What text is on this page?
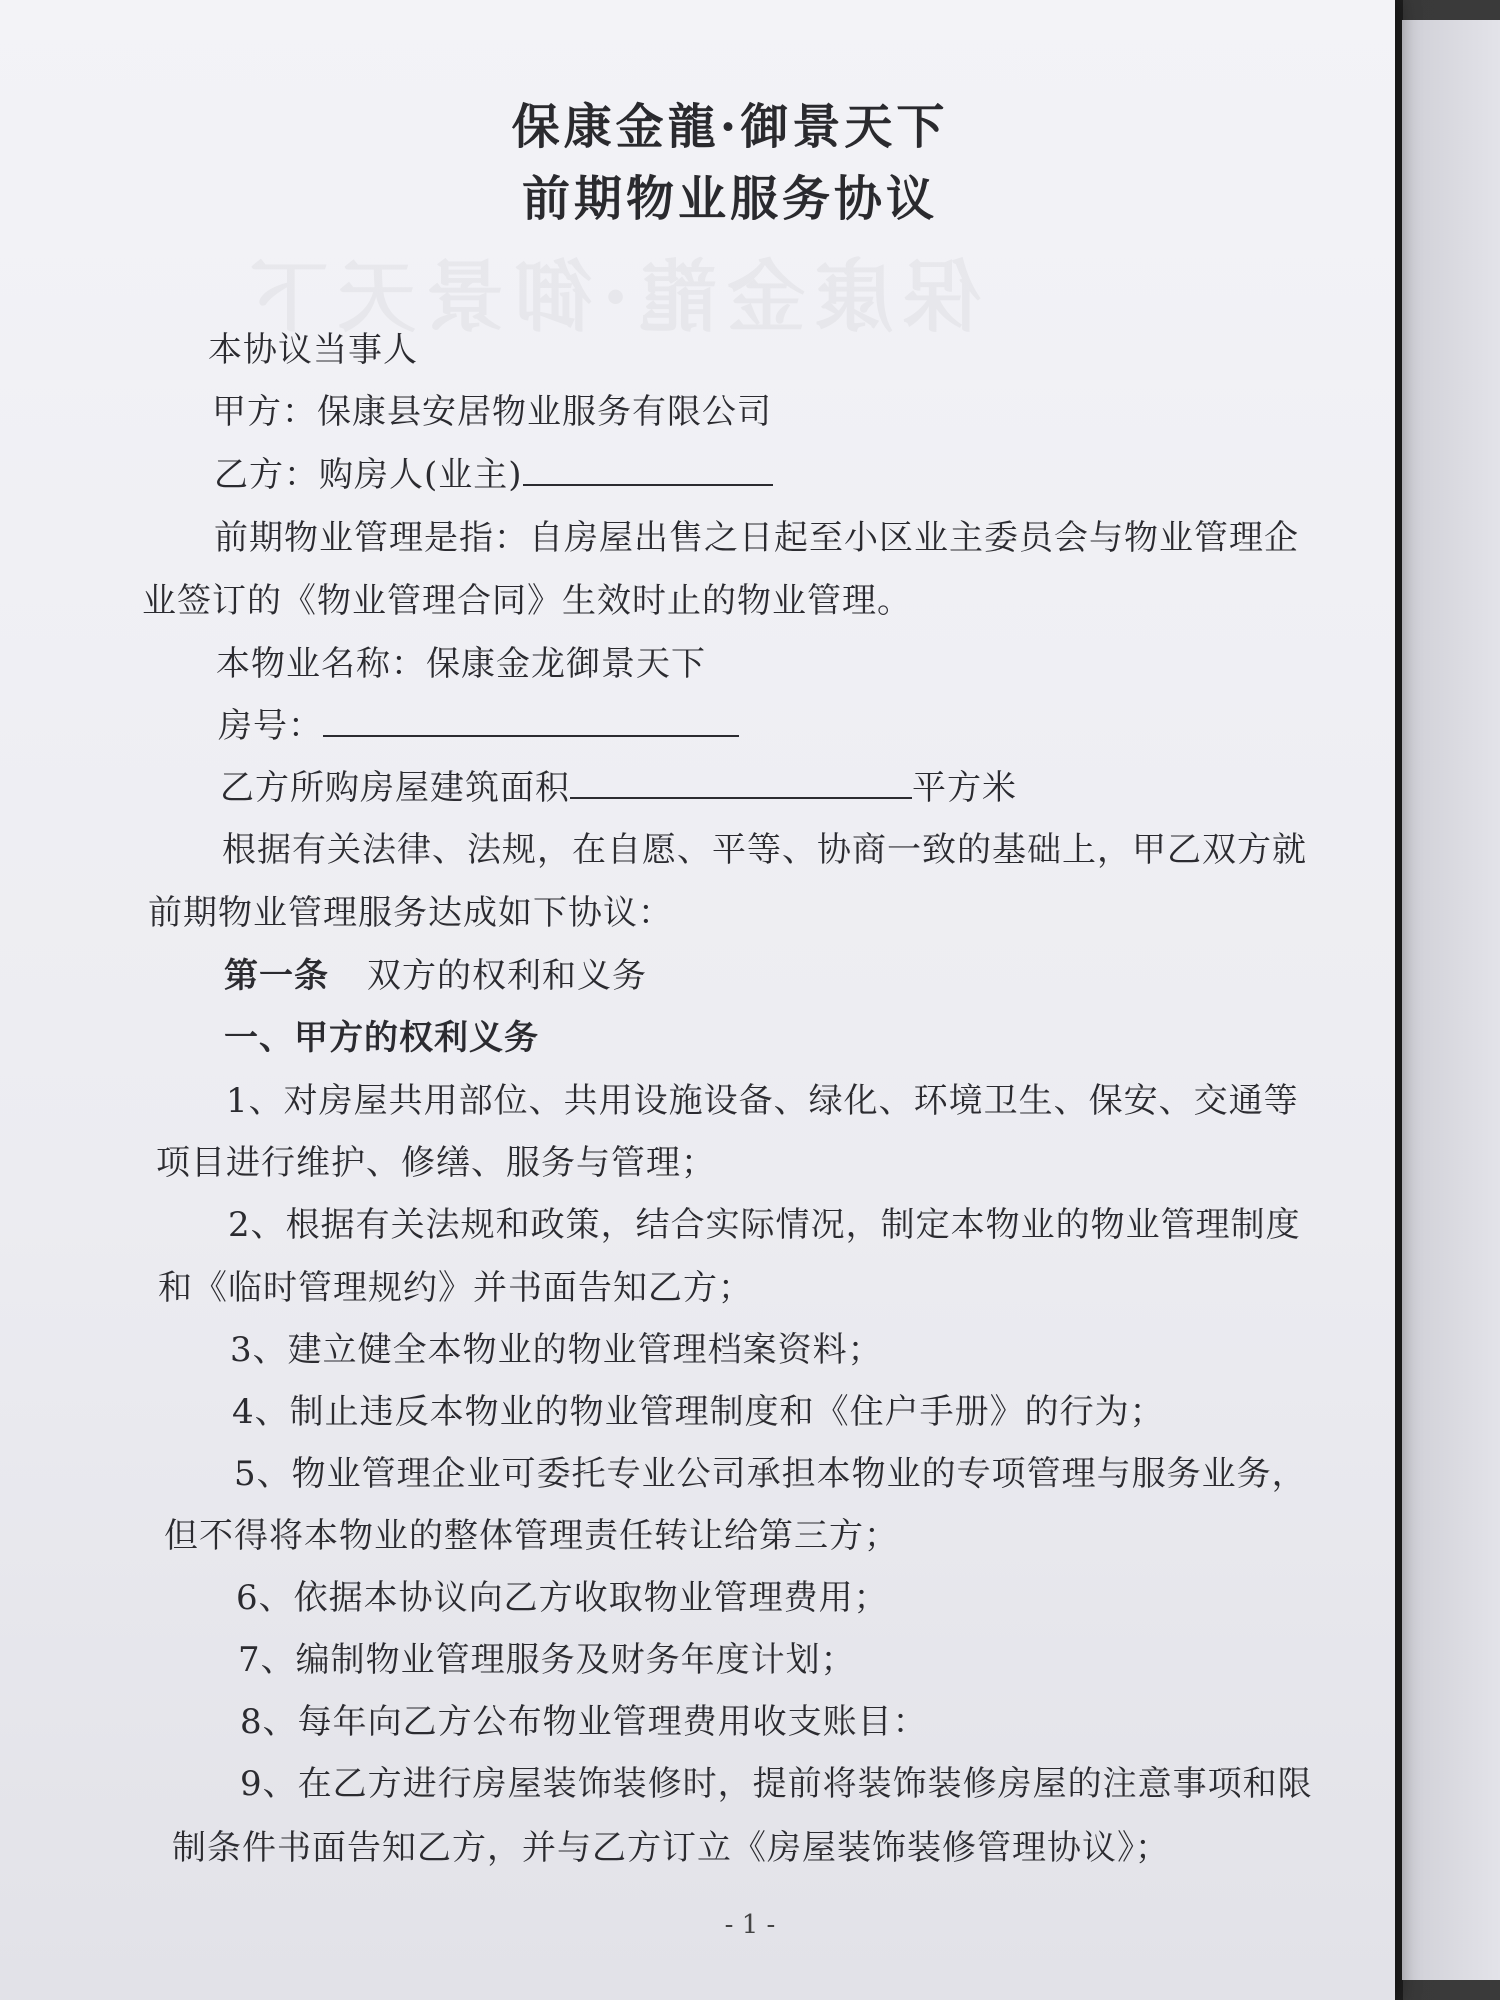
保康金龍·御景天下
保康金龍·御景天下
前期物业服务协议
本协议当事人
甲方：保康县安居物业服务有限公司
乙方：购房人(业主)
前期物业管理是指：自房屋出售之日起至小区业主委员会与物业管理企
业签订的《物业管理合同》生效时止的物业管理。
本物业名称：保康金龙御景天下
房号：
乙方所购房屋建筑面积	平方米
根据有关法律、法规，在自愿、平等、协商一致的基础上，甲乙双方就
前期物业管理服务达成如下协议：
第一条 双方的权利和义务
一、甲方的权利义务
1、对房屋共用部位、共用设施设备、绿化、环境卫生、保安、交通等
项目进行维护、修缮、服务与管理；
2、根据有关法规和政策，结合实际情况，制定本物业的物业管理制度
和《临时管理规约》并书面告知乙方；
3、建立健全本物业的物业管理档案资料；
4、制止违反本物业的物业管理制度和《住户手册》的行为；
5、物业管理企业可委托专业公司承担本物业的专项管理与服务业务，
但不得将本物业的整体管理责任转让给第三方；
6、依据本协议向乙方收取物业管理费用；
7、编制物业管理服务及财务年度计划；
8、每年向乙方公布物业管理费用收支账目：
9、在乙方进行房屋装饰装修时，提前将装饰装修房屋的注意事项和限
制条件书面告知乙方，并与乙方订立《房屋装饰装修管理协议》；
- 1 -
